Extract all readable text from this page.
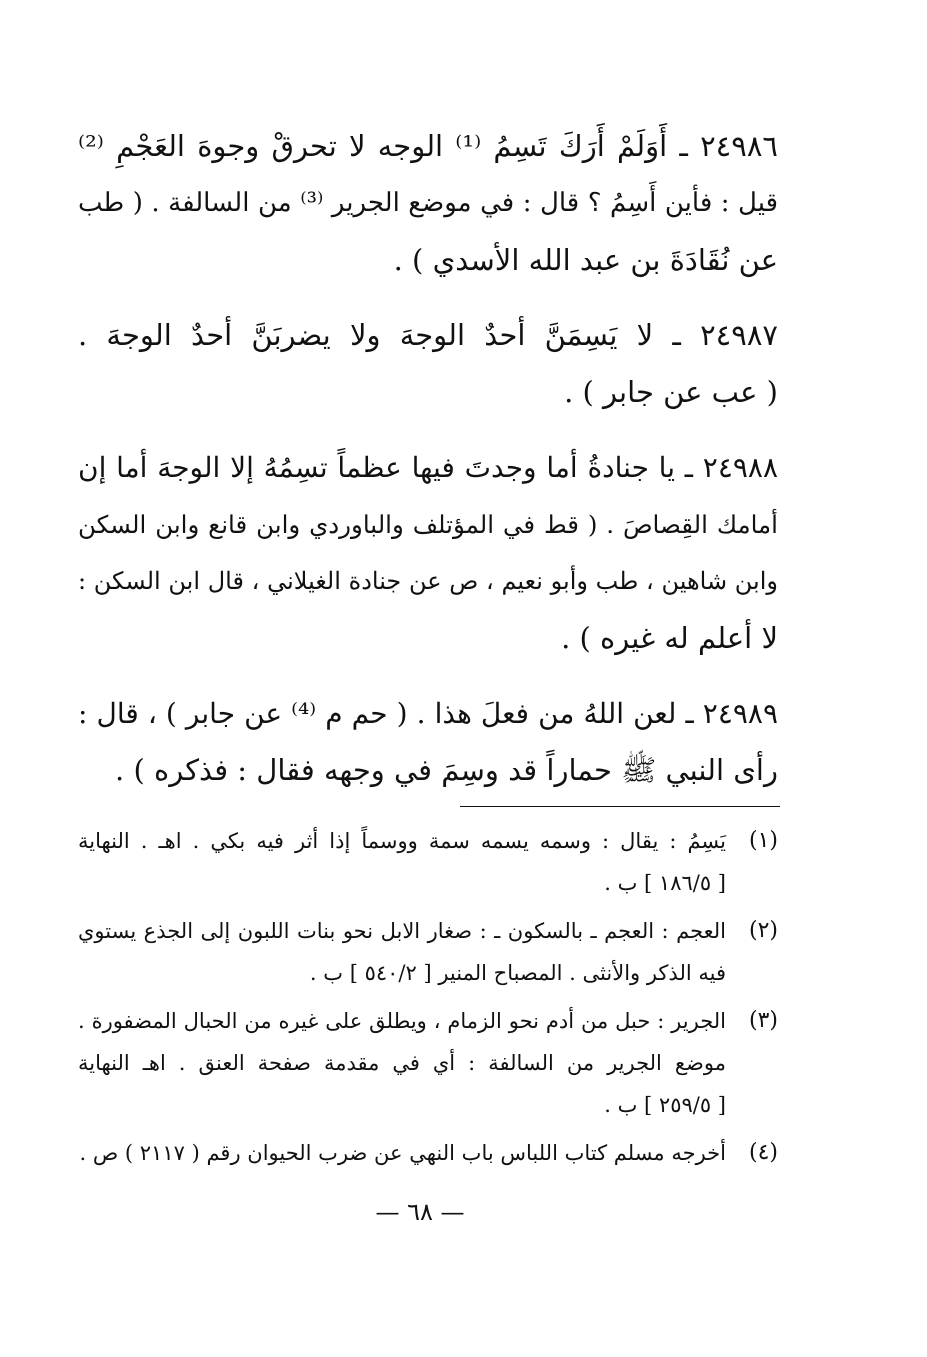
٢٤٩٨٦ ـ أَوَلَمْ أَرَكَ تَسِمُ ⁽¹⁾ الوجه لا تحرقْ وجوهَ العَجْمِ ⁽²⁾
قيل : فأين أَسِمُ ؟ قال : في موضع الجرير ⁽³⁾ من السالفة . ( طب
عن نُقَادَةَ بن عبد الله الأسدي ) .
٢٤٩٨٧ ـ لا يَسِمَنَّ أحدٌ الوجهَ ولا يضربَنَّ أحدٌ الوجهَ .
( عب عن جابر ) .
٢٤٩٨٨ ـ يا جنادةُ أما وجدتَ فيها عظماً تسِمُهُ إلا الوجهَ أما إن
أمامك القِصاصَ . ( قط في المؤتلف والباوردي وابن قانع وابن السكن
وابن شاهين ، طب وأبو نعيم ، ص عن جنادة الغيلاني ، قال ابن السكن :
لا أعلم له غيره ) .
٢٤٩٨٩ ـ لعن اللهُ من فعلَ هذا . ( حم م ⁽⁴⁾ عن جابر ) ، قال :
رأى النبي ﷺ حماراً قد وسِمَ في وجهه فقال : فذكره ) .
(١)
يَسِمُ : يقال : وسمه يسمه سمة ووسماً إذا أثر فيه بكي . اهـ . النهاية
[ ١٨٦/٥ ] ب .
(٢)
العجم : العجم ـ بالسكون ـ : صغار الابل نحو بنات اللبون إلى الجذع يستوي
فيه الذكر والأنثى . المصباح المنير [ ٥٤٠/٢ ] ب .
(٣)
الجرير : حبل من أدم نحو الزمام ، ويطلق على غيره من الحبال المضفورة .
موضع الجرير من السالفة : أي في مقدمة صفحة العنق . اهـ النهاية
[ ٢٥٩/٥ ] ب .
(٤)
أخرجه مسلم كتاب اللباس باب النهي عن ضرب الحيوان رقم ( ٢١١٧ ) ص .
— ٦٨ —
